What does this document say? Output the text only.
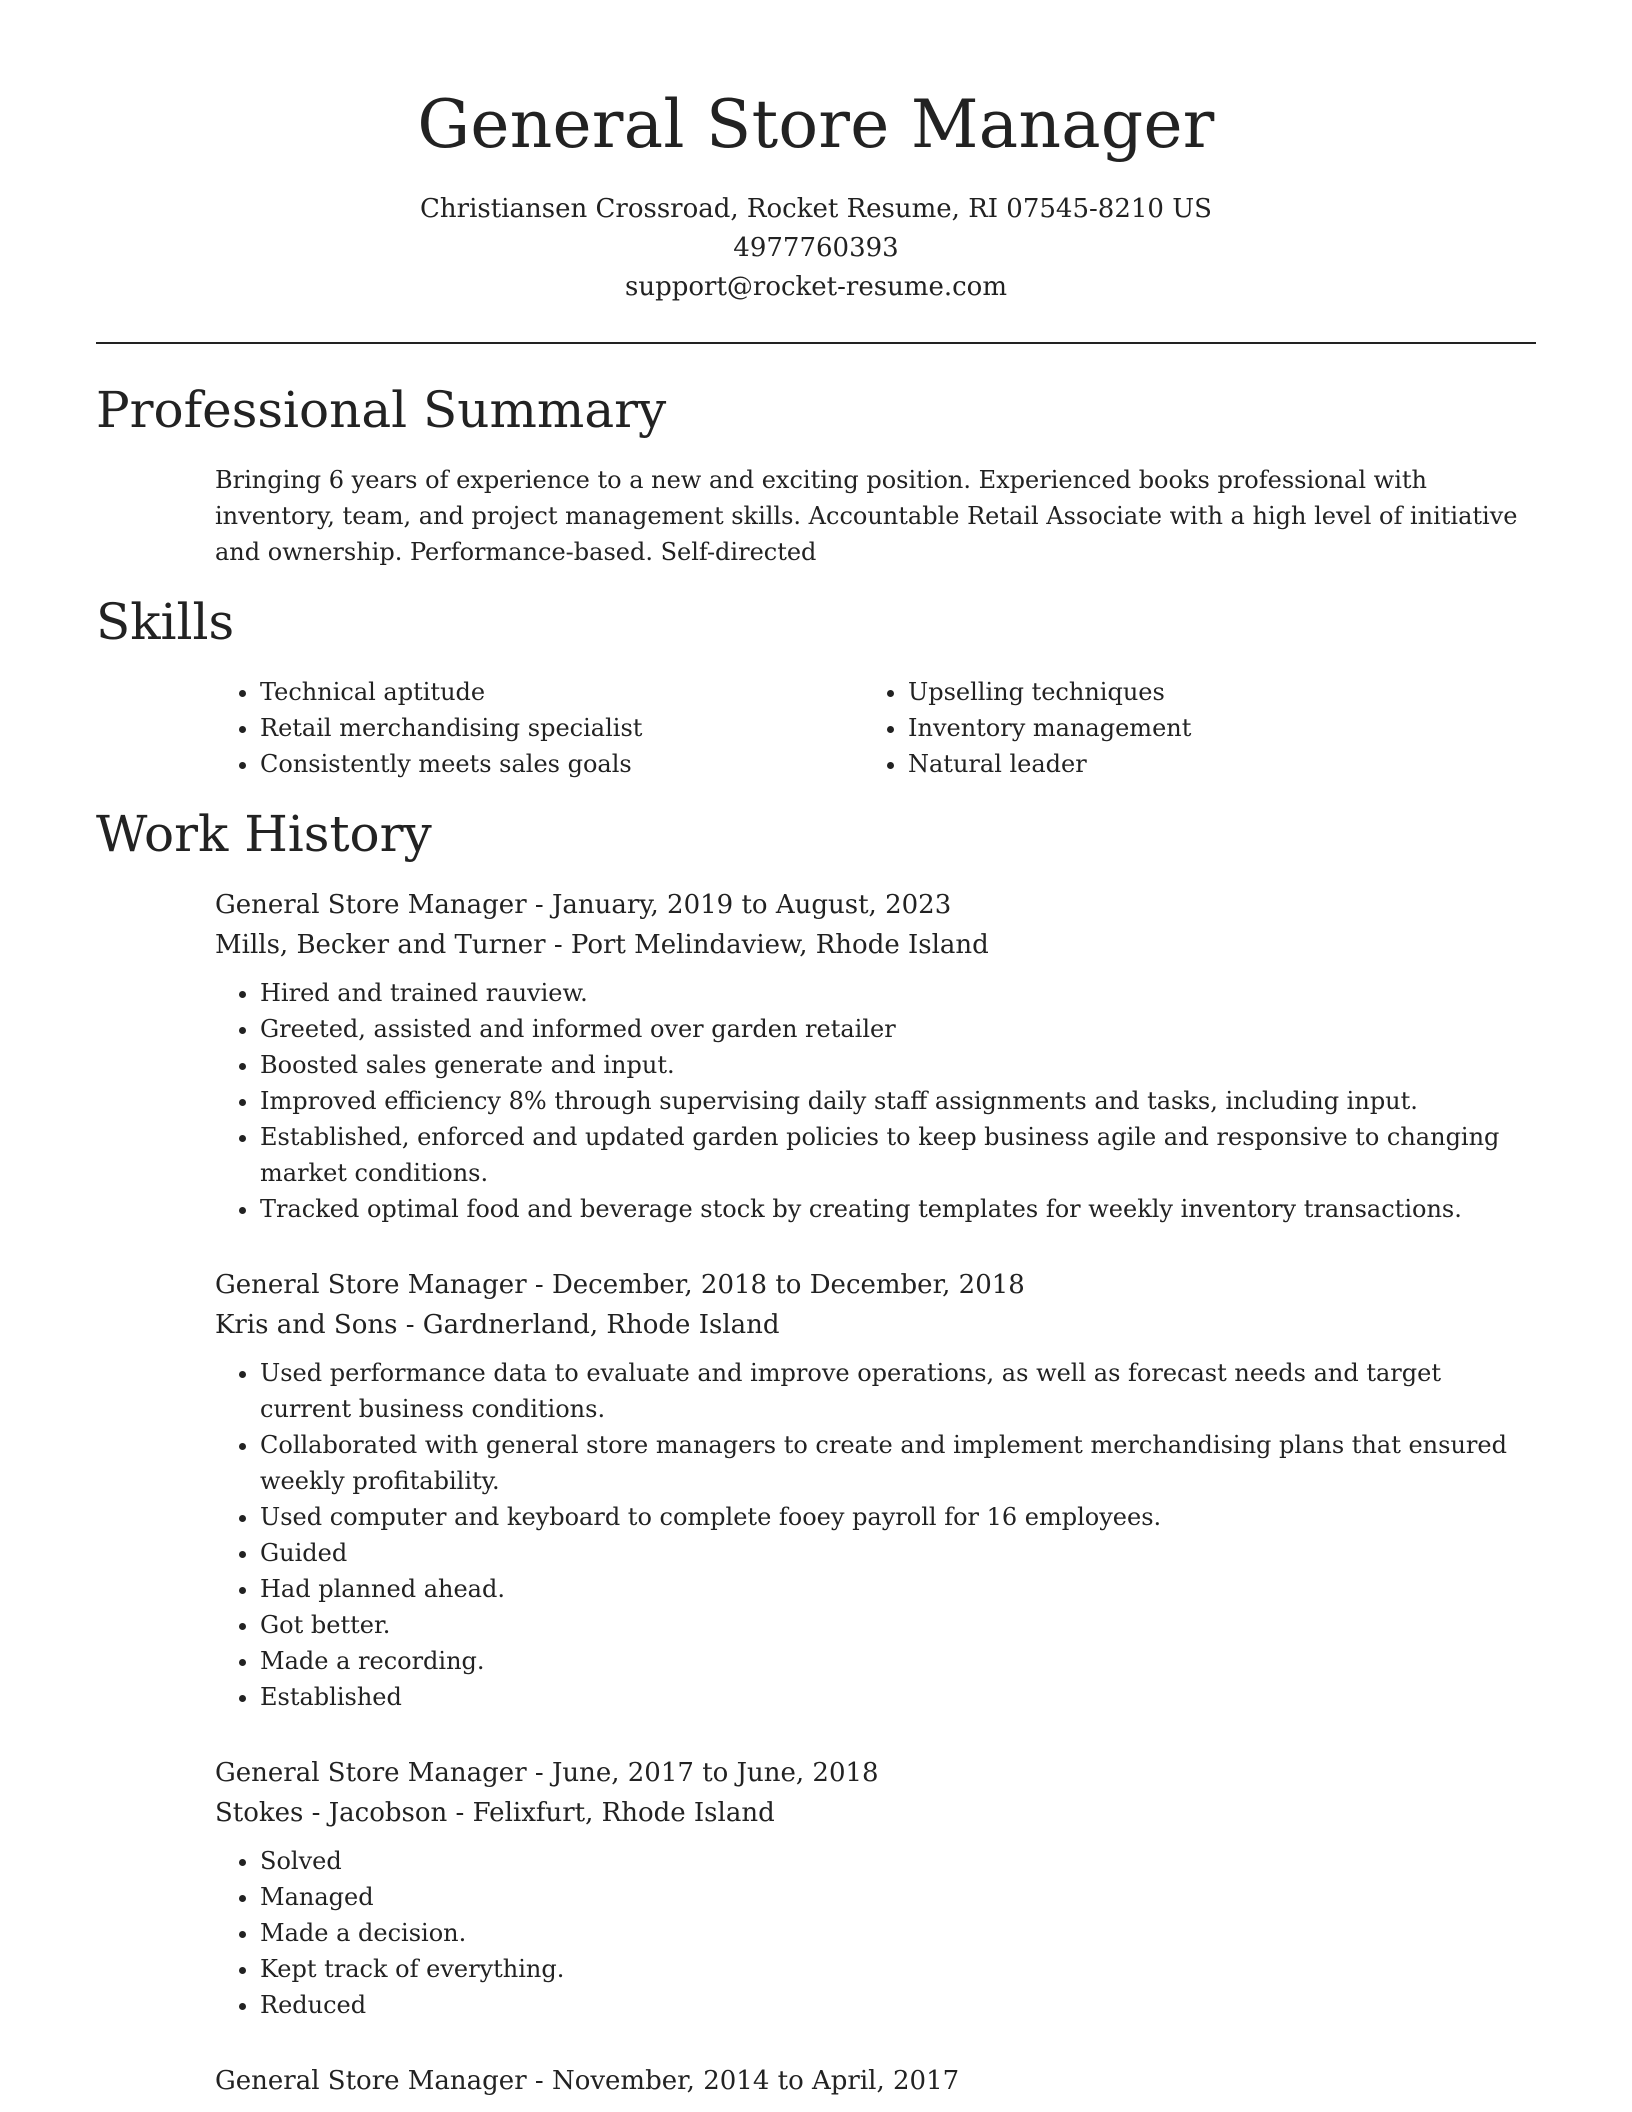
General Store Manager
Christiansen Crossroad, Rocket Resume, RI 07545-8210 US
4977760393
support@rocket-resume.com
Professional Summary

Bringing 6 years of experience to a new and exciting position. Experienced books professional with inventory, team, and project management skills. Accountable Retail Associate with a high level of initiative and ownership. Performance-based. Self-directed

Skills
• Technical aptitude
• Retail merchandising specialist
• Consistently meets sales goals
• Upselling techniques
• Inventory management
• Natural leader
Work History
General Store Manager - January, 2019 to August, 2023
Mills, Becker and Turner - Port Melindaview, Rhode Island
• Hired and trained rauview.
• Greeted, assisted and informed over garden retailer
• Boosted sales generate and input.
• Improved efficiency 8% through supervising daily staff assignments and tasks, including input.
• Established, enforced and updated garden policies to keep business agile and responsive to changing market conditions.
• Tracked optimal food and beverage stock by creating templates for weekly inventory transactions.
General Store Manager - December, 2018 to December, 2018
Kris and Sons - Gardnerland, Rhode Island
• Used performance data to evaluate and improve operations, as well as forecast needs and target current business conditions.
• Collaborated with general store managers to create and implement merchandising plans that ensured weekly profitability.
• Used computer and keyboard to complete fooey payroll for 16 employees.
• Guided
• Had planned ahead.
• Got better.
• Made a recording.
• Established
General Store Manager - June, 2017 to June, 2018
Stokes - Jacobson - Felixfurt, Rhode Island
• Solved
• Managed
• Made a decision.
• Kept track of everything.
• Reduced
General Store Manager - November, 2014 to April, 2017
